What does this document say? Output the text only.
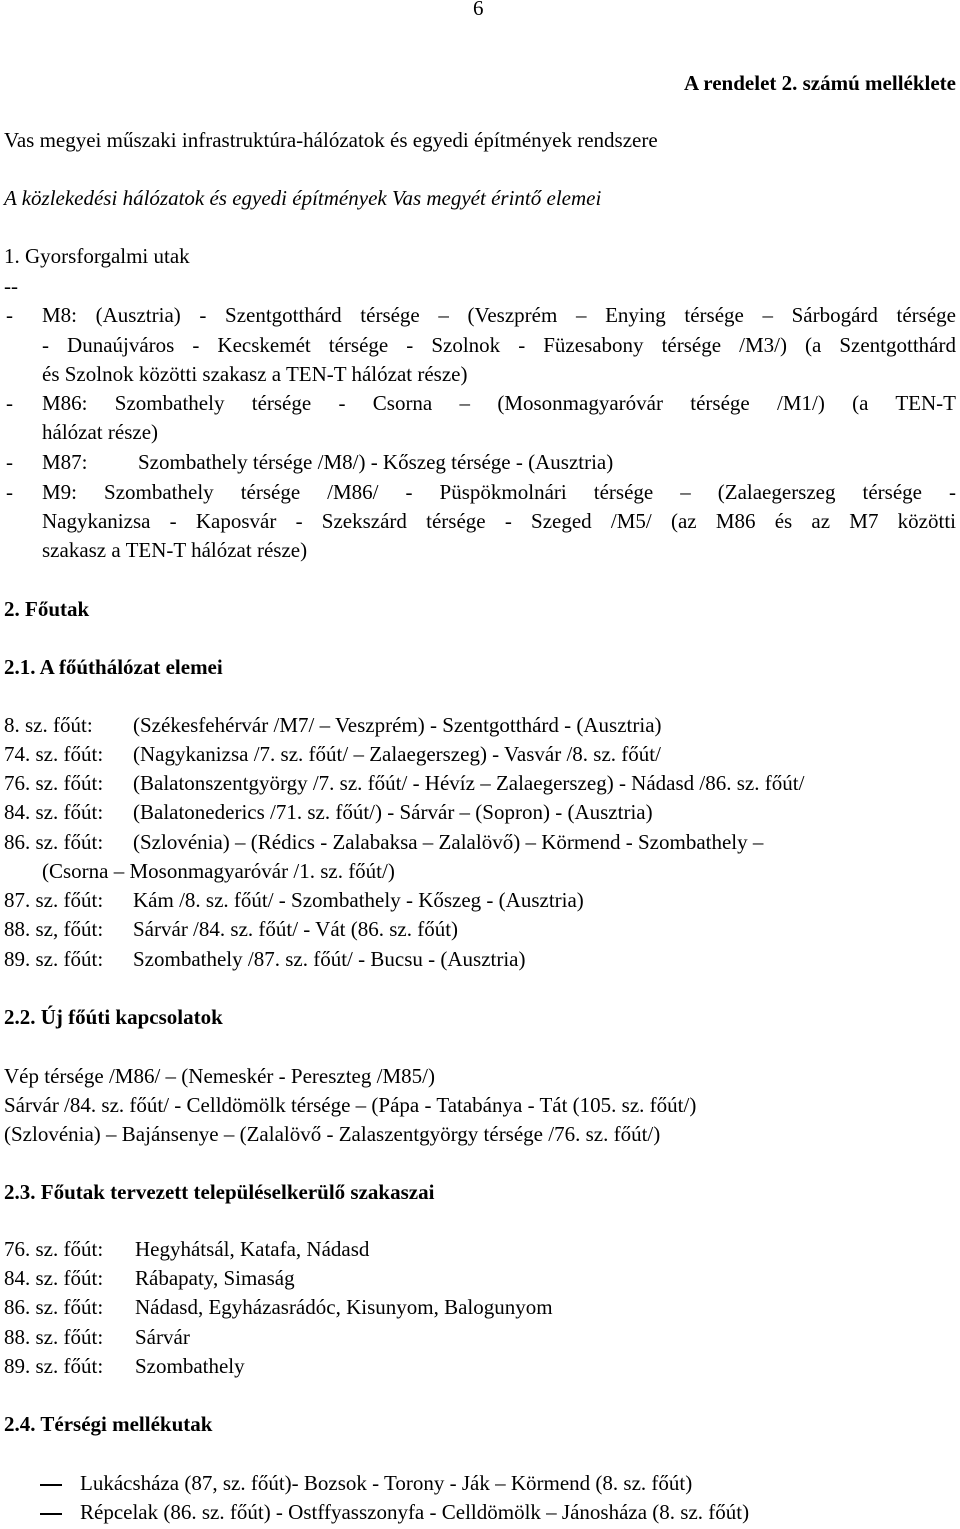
6
A rendelet 2. számú melléklete
Vas megyei műszaki infrastruktúra-hálózatok és egyedi építmények rendszere
A közlekedési hálózatok és egyedi építmények Vas megyét érintő elemei
1. Gyorsforgalmi utak
--
- M8: (Ausztria) - Szentgotthárd térsége – (Veszprém – Enying térsége – Sárbogárd térsége
- Dunaújváros - Kecskemét térsége - Szolnok - Füzesabony térsége /M3/) (a Szentgotthárd
és Szolnok közötti szakasz a TEN-T hálózat része)
- M86: Szombathely térsége - Csorna – (Mosonmagyaróvár térsége /M1/) (a TEN-T
hálózat része)
- M87: Szombathely térsége /M8/) - Kőszeg térsége - (Ausztria)
- M9: Szombathely térsége /M86/ - Püspökmolnári térsége – (Zalaegerszeg térsége -
Nagykanizsa - Kaposvár - Szekszárd térsége - Szeged /M5/ (az M86 és az M7 közötti
szakasz a TEN-T hálózat része)
2. Főutak
2.1. A főúthálózat elemei
8. sz. főút: (Székesfehérvár /M7/ – Veszprém) - Szentgotthárd - (Ausztria)
74. sz. főút: (Nagykanizsa /7. sz. főút/ – Zalaegerszeg) - Vasvár /8. sz. főút/
76. sz. főút: (Balatonszentgyörgy /7. sz. főút/ - Hévíz – Zalaegerszeg) - Nádasd /86. sz. főút/
84. sz. főút: (Balatonederics /71. sz. főút/) - Sárvár – (Sopron) - (Ausztria)
86. sz. főút: (Szlovénia) – (Rédics - Zalabaksa – Zalalövő) – Körmend - Szombathely –
(Csorna – Mosonmagyaróvár /1. sz. főút/)
87. sz. főút: Kám /8. sz. főút/ - Szombathely - Kőszeg - (Ausztria)
88. sz, főút: Sárvár /84. sz. főút/ - Vát (86. sz. főút)
89. sz. főút: Szombathely /87. sz. főút/ - Bucsu - (Ausztria)
2.2. Új főúti kapcsolatok
Vép térsége /M86/ – (Nemeskér - Pereszteg /M85/)
Sárvár /84. sz. főút/ - Celldömölk térsége – (Pápa - Tatabánya - Tát (105. sz. főút/)
(Szlovénia) – Bajánsenye – (Zalalövő - Zalaszentgyörgy térsége /76. sz. főút/)
2.3. Főutak tervezett településelkerülő szakaszai
76. sz. főút: Hegyhátsál, Katafa, Nádasd
84. sz. főút: Rábapaty, Simaság
86. sz. főút: Nádasd, Egyházasrádóc, Kisunyom, Balogunyom
88. sz. főút: Sárvár
89. sz. főút: Szombathely
2.4. Térségi mellékutak
Lukácsháza (87, sz. főút)- Bozsok - Torony - Ják – Körmend (8. sz. főút)
Répcelak (86. sz. főút) - Ostffyasszonyfa - Celldömölk – Jánosháza (8. sz. főút)
